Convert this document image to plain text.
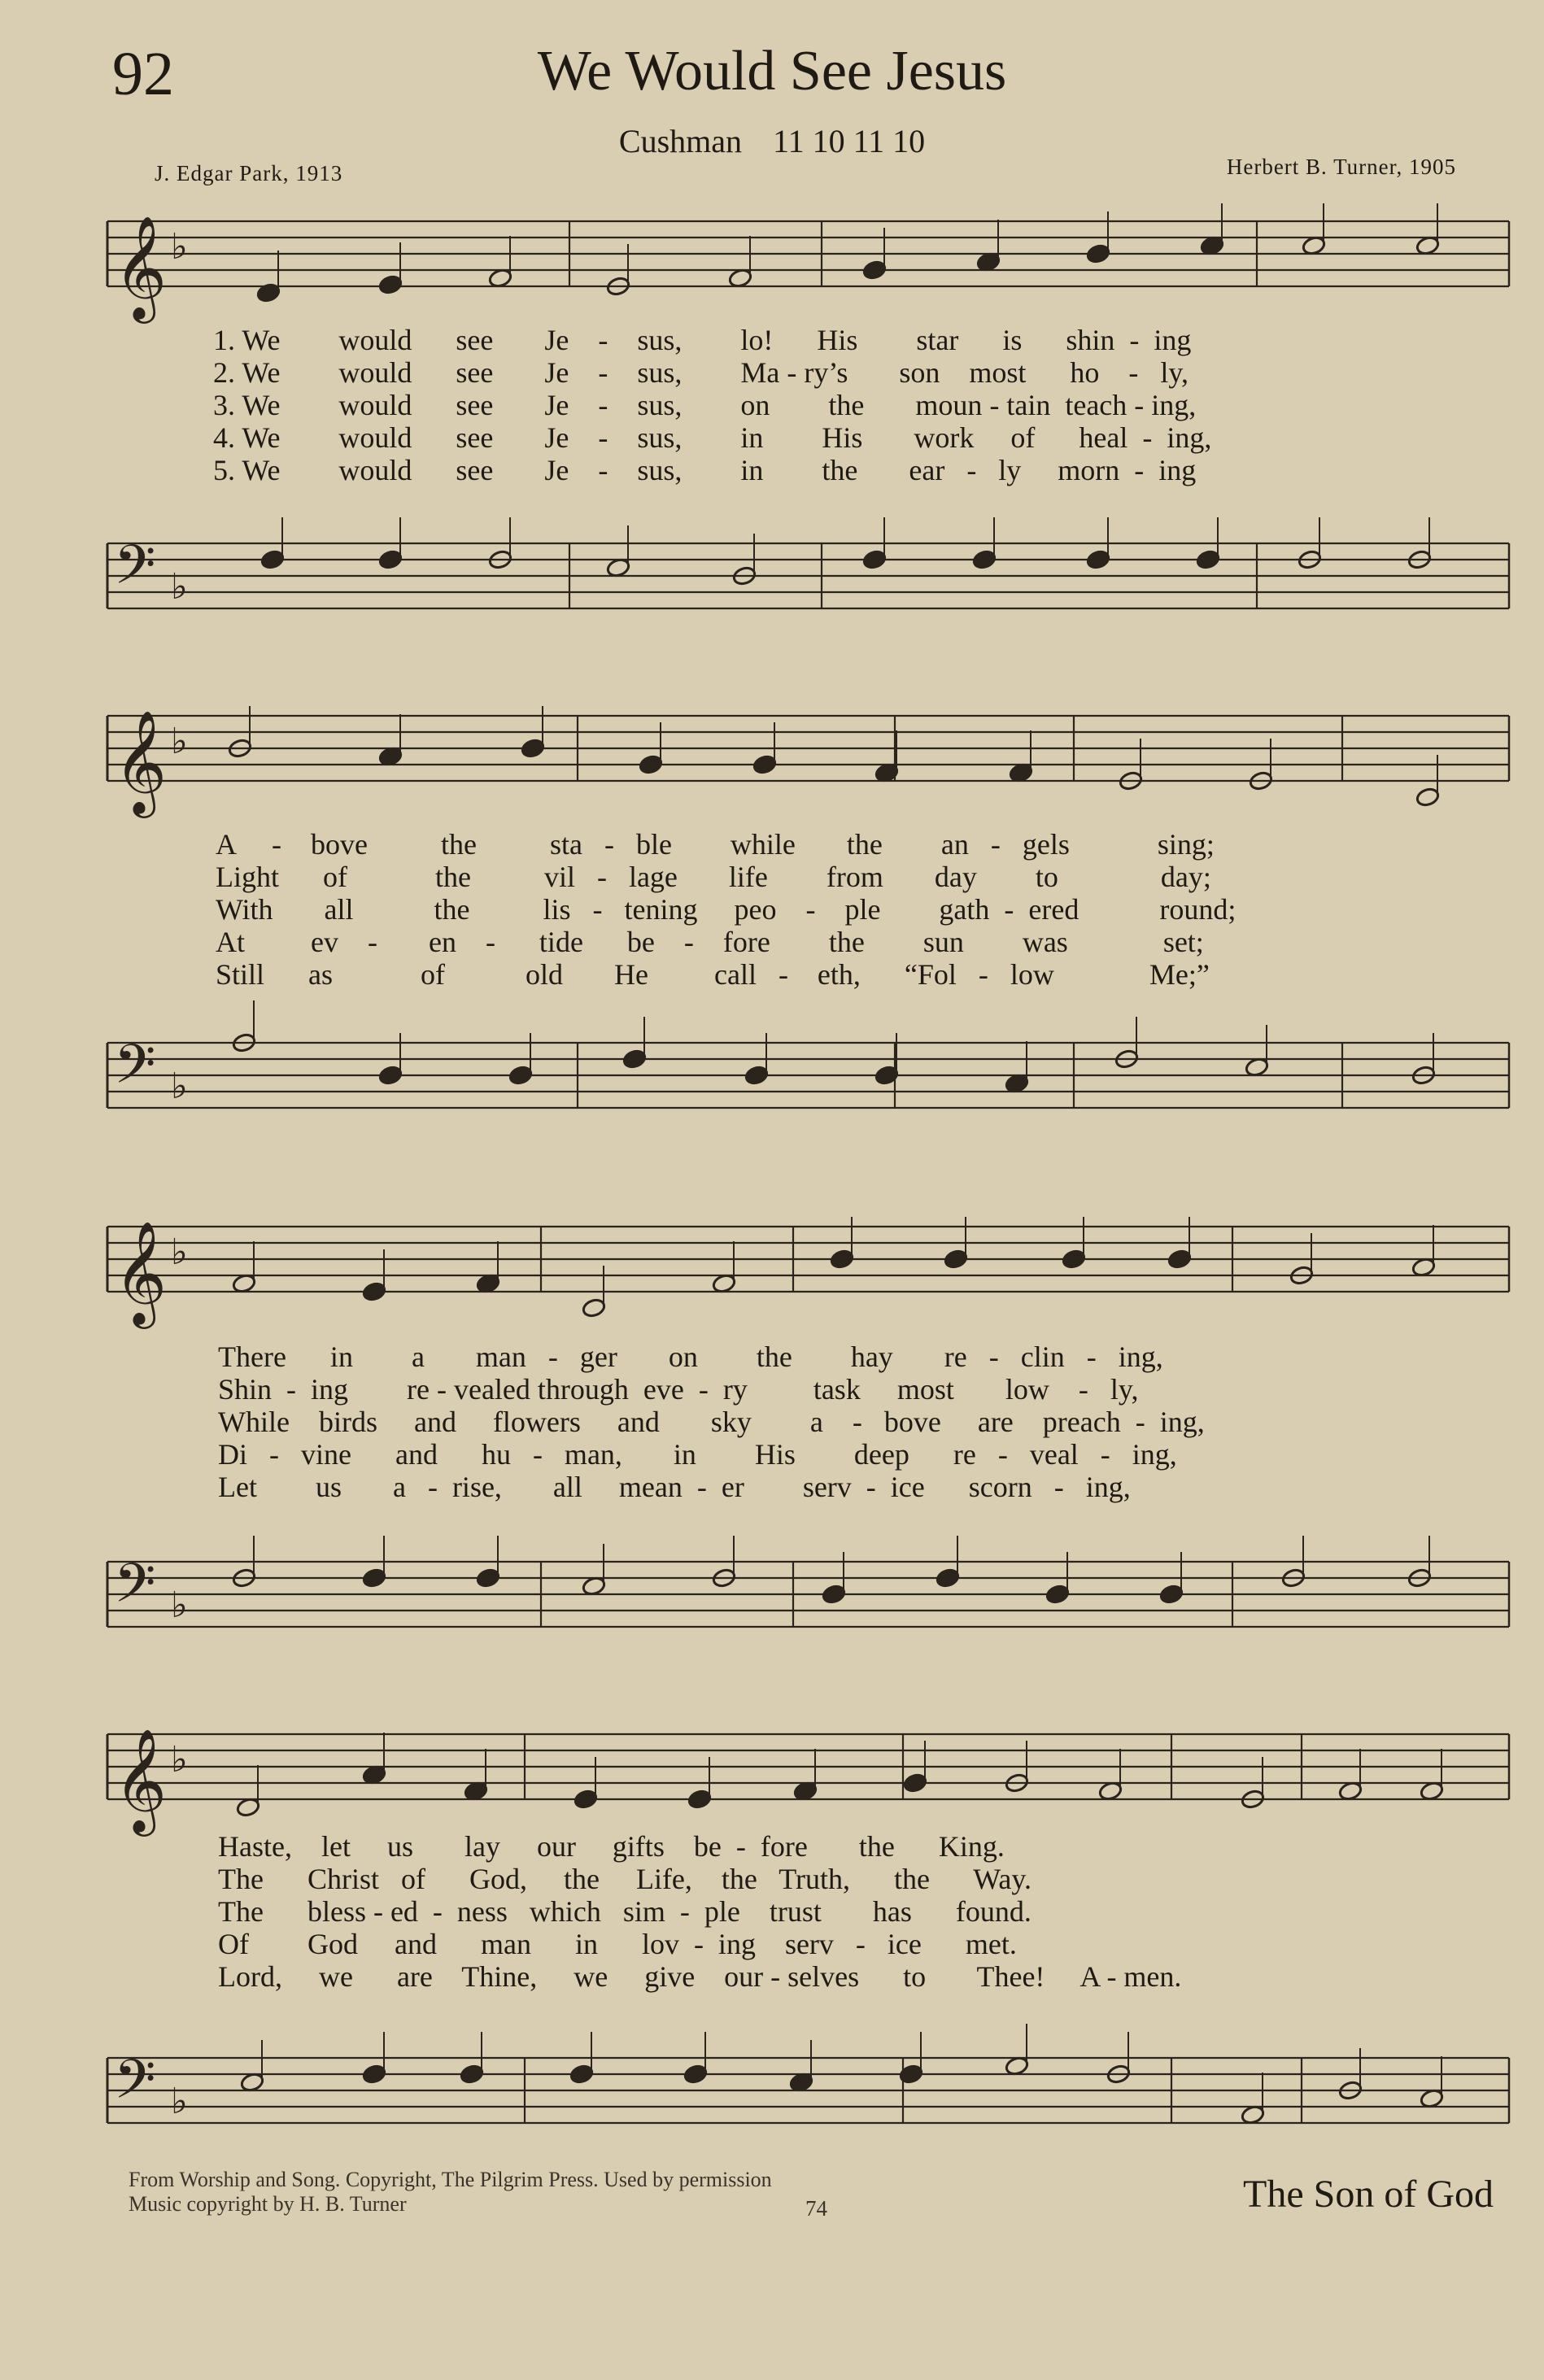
92	We Would See Jesus
Cushman 11 10 11 10
J. Edgar Park, 1913	Herbert B. Turner, 1905
𝄞 ♭
1. We        would      see       Je    -    sus,        lo!      His        star      is      shin  -  ing
2. We        would      see       Je    -    sus,        Ma - ry’s       son    most      ho    -   ly,
3. We        would      see       Je    -    sus,        on        the       moun - tain  teach - ing,
4. We        would      see       Je    -    sus,        in        His       work     of      heal  -  ing,
5. We        would      see       Je    -    sus,        in        the       ear   -   ly     morn  -  ing
𝄢 ♭
𝄞 ♭
A     -    bove          the          sta   -   ble        while       the        an   -   gels            sing;
Light      of            the          vil   -   lage       life        from       day        to              day;
With       all           the          lis   -   tening     peo    -    ple        gath  -  ered           round;
At         ev    -       en    -      tide      be    -    fore        the        sun        was             set;
Still      as            of           old       He         call   -    eth,      “Fol   -   low             Me;”
𝄢 ♭
𝄞 ♭
There      in        a       man   -   ger       on        the        hay       re   -   clin   -   ing,
Shin  -  ing        re - vealed through  eve  -  ry         task     most       low    -   ly,
While    birds     and     flowers     and       sky        a    -   bove     are    preach  -  ing,
Di   -   vine      and      hu   -   man,       in        His        deep      re   -   veal   -   ing,
Let        us       a   -  rise,       all     mean  -  er        serv  -  ice      scorn   -   ing,
𝄢 ♭
𝄞 ♭
Haste,    let     us       lay     our     gifts    be  -  fore       the      King.
The      Christ   of      God,     the     Life,    the   Truth,      the      Way.
The      bless - ed  -  ness   which   sim  -  ple    trust       has      found.
Of        God     and      man      in      lov  -  ing    serv   -   ice      met.
Lord,     we      are    Thine,     we     give    our - selves      to       Thee!     A - men.
𝄢 ♭
From Worship and Song. Copyright, The Pilgrim Press. Used by permission
Music copyright by H. B. Turner	74	The Son of God
